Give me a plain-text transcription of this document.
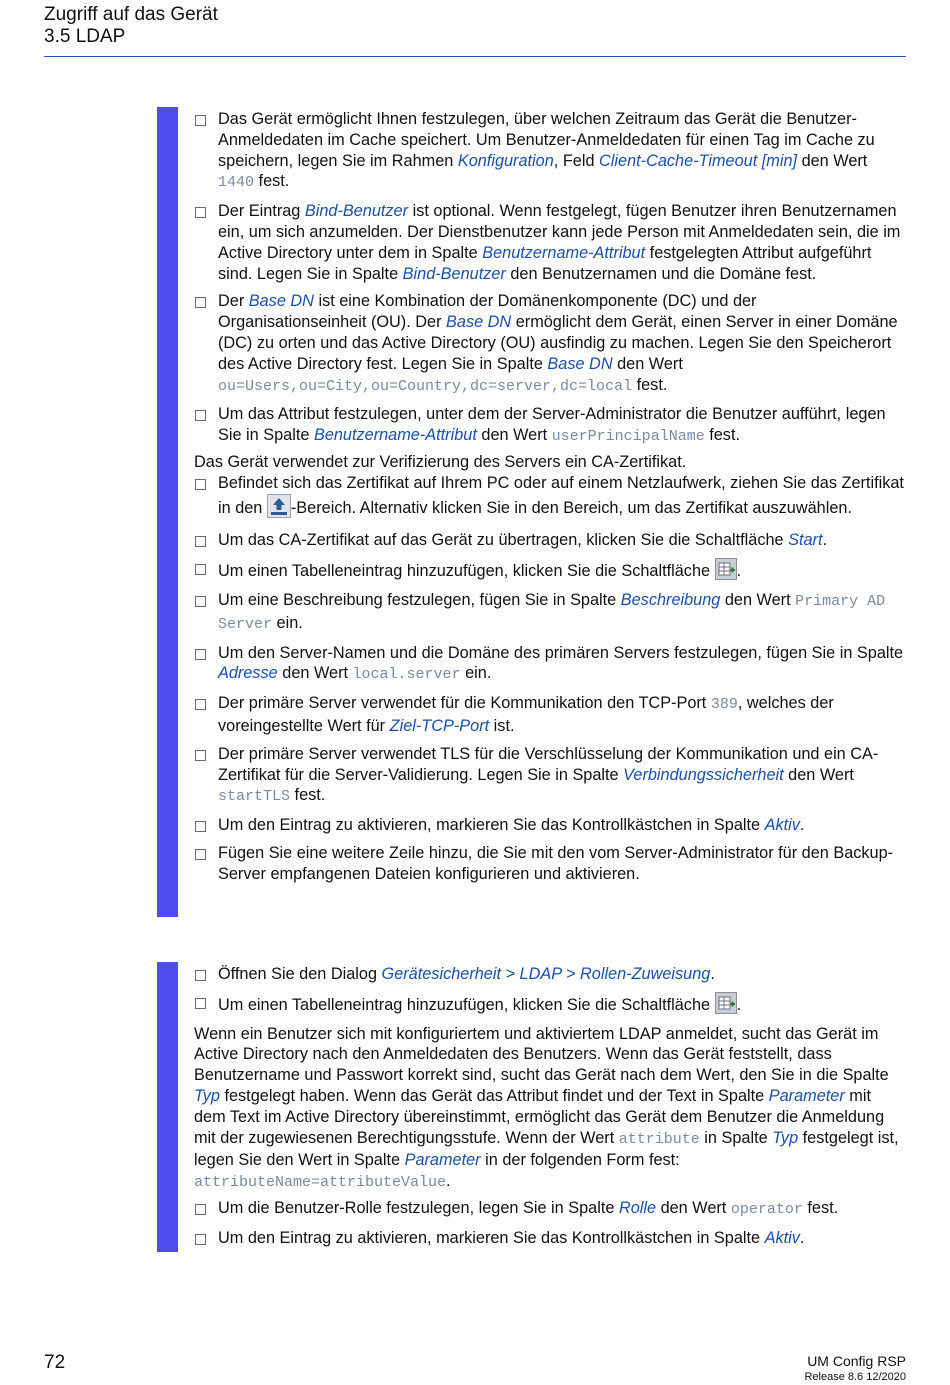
Zugriff auf das Gerät
3.5 LDAP
Das Gerät ermöglicht Ihnen festzulegen, über welchen Zeitraum das Gerät die Benutzer-Anmeldedaten im Cache speichert. Um Benutzer-Anmeldedaten für einen Tag im Cache zu speichern, legen Sie im Rahmen Konfiguration, Feld Client-Cache-Timeout [min] den Wert 1440 fest.
Der Eintrag Bind-Benutzer ist optional. Wenn festgelegt, fügen Benutzer ihren Benutzernamen ein, um sich anzumelden. Der Dienstbenutzer kann jede Person mit Anmeldedaten sein, die im Active Directory unter dem in Spalte Benutzername-Attribut festgelegten Attribut aufgeführt sind. Legen Sie in Spalte Bind-Benutzer den Benutzernamen und die Domäne fest.
Der Base DN ist eine Kombination der Domänenkomponente (DC) und der Organisationseinheit (OU). Der Base DN ermöglicht dem Gerät, einen Server in einer Domäne (DC) zu orten und das Active Directory (OU) ausfindig zu machen. Legen Sie den Speicherort des Active Directory fest. Legen Sie in Spalte Base DN den Wert ou=Users,ou=City,ou=Country,dc=server,dc=local fest.
Um das Attribut festzulegen, unter dem der Server-Administrator die Benutzer aufführt, legen Sie in Spalte Benutzername-Attribut den Wert userPrincipalName fest.
Das Gerät verwendet zur Verifizierung des Servers ein CA-Zertifikat.
Befindet sich das Zertifikat auf Ihrem PC oder auf einem Netzlaufwerk, ziehen Sie das Zertifikat in den -Bereich. Alternativ klicken Sie in den Bereich, um das Zertifikat auszuwählen.
Um das CA-Zertifikat auf das Gerät zu übertragen, klicken Sie die Schaltfläche Start.
Um einen Tabelleneintrag hinzuzufügen, klicken Sie die Schaltfläche .
Um eine Beschreibung festzulegen, fügen Sie in Spalte Beschreibung den Wert Primary AD Server ein.
Um den Server-Namen und die Domäne des primären Servers festzulegen, fügen Sie in Spalte Adresse den Wert local.server ein.
Der primäre Server verwendet für die Kommunikation den TCP-Port 389, welches der voreingestellte Wert für Ziel-TCP-Port ist.
Der primäre Server verwendet TLS für die Verschlüsselung der Kommunikation und ein CA-Zertifikat für die Server-Validierung. Legen Sie in Spalte Verbindungssicherheit den Wert startTLS fest.
Um den Eintrag zu aktivieren, markieren Sie das Kontrollkästchen in Spalte Aktiv.
Fügen Sie eine weitere Zeile hinzu, die Sie mit den vom Server-Administrator für den Backup-Server empfangenen Dateien konfigurieren und aktivieren.
Öffnen Sie den Dialog Gerätesicherheit > LDAP > Rollen-Zuweisung.
Um einen Tabelleneintrag hinzuzufügen, klicken Sie die Schaltfläche .
Wenn ein Benutzer sich mit konfiguriertem und aktiviertem LDAP anmeldet, sucht das Gerät im Active Directory nach den Anmeldedaten des Benutzers. Wenn das Gerät feststellt, dass Benutzername und Passwort korrekt sind, sucht das Gerät nach dem Wert, den Sie in die Spalte Typ festgelegt haben. Wenn das Gerät das Attribut findet und der Text in Spalte Parameter mit dem Text im Active Directory übereinstimmt, ermöglicht das Gerät dem Benutzer die Anmeldung mit der zugewiesenen Berechtigungsstufe. Wenn der Wert attribute in Spalte Typ festgelegt ist, legen Sie den Wert in Spalte Parameter in der folgenden Form fest: attributeName=attributeValue.
Um die Benutzer-Rolle festzulegen, legen Sie in Spalte Rolle den Wert operator fest.
Um den Eintrag zu aktivieren, markieren Sie das Kontrollkästchen in Spalte Aktiv.
72	UM Config RSP
Release 8.6 12/2020
